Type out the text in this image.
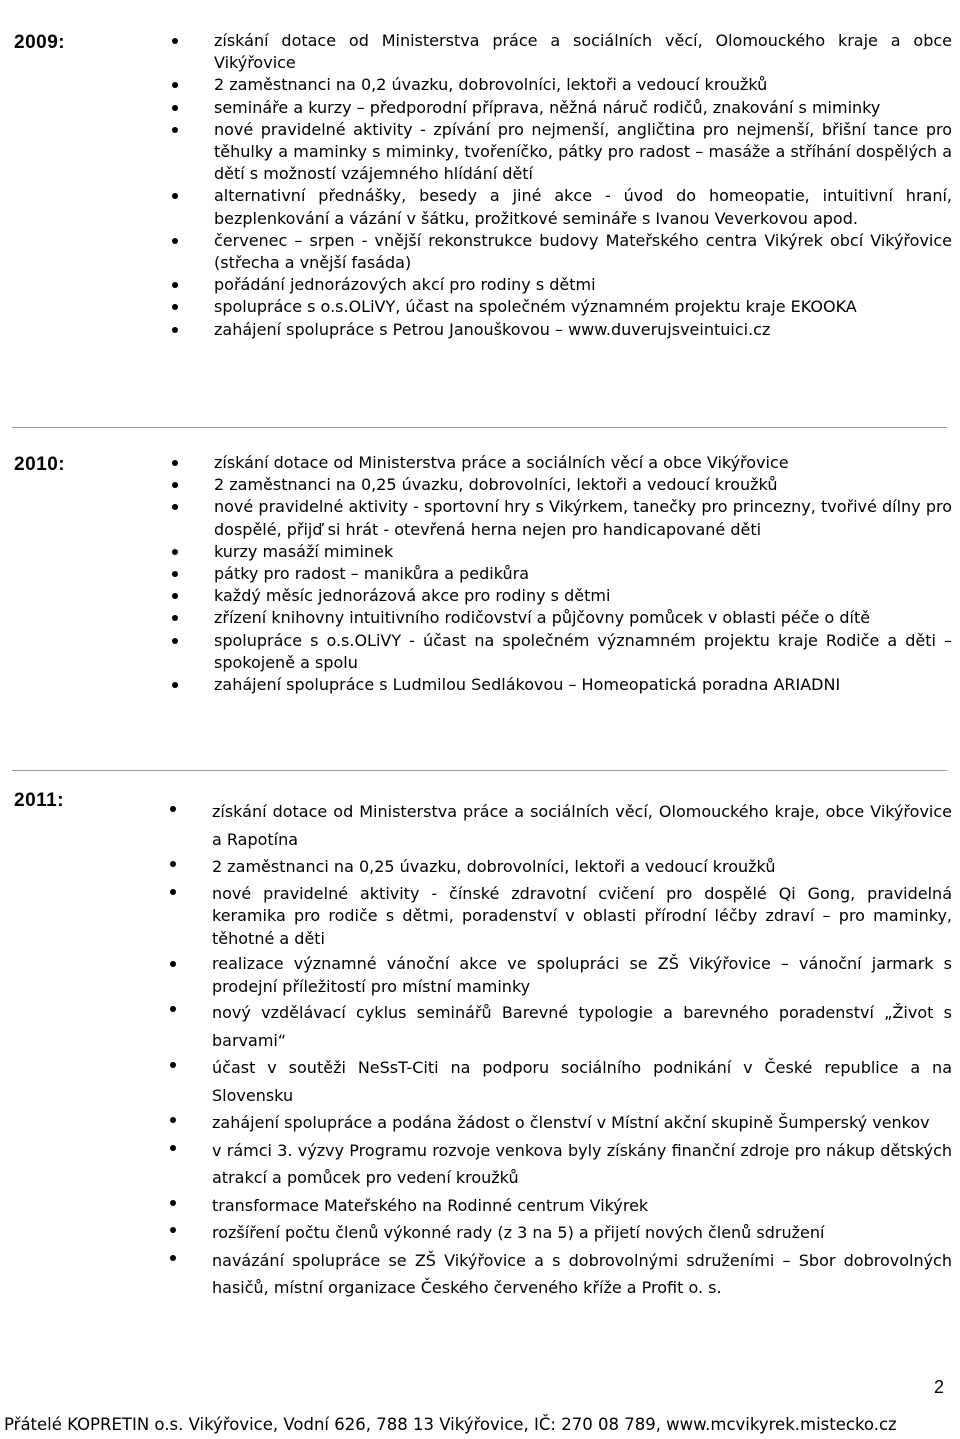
2009:	získání dotace od Ministerstva práce a sociálních věcí, Olomouckého kraje a obce Vikýřovice
2 zaměstnanci na 0,2 úvazku, dobrovolníci, lektoři a vedoucí kroužků
semináře a kurzy – předporodní příprava, něžná náruč rodičů, znakování s miminky
nové pravidelné aktivity - zpívání pro nejmenší, angličtina pro nejmenší, břišní tance pro těhulky a maminky s miminky, tvořeníčko, pátky pro radost – masáže a stříhání dospělých a dětí s možností vzájemného hlídání dětí
alternativní přednášky, besedy a jiné akce - úvod do homeopatie, intuitivní hraní, bezplenkování a vázání v šátku, prožitkové semináře s Ivanou Veverkovou apod.
červenec – srpen - vnější rekonstrukce budovy Mateřského centra Vikýrek obcí Vikýřovice (střecha a vnější fasáda)
pořádání jednorázových akcí pro rodiny s dětmi
spolupráce s o.s.OLiVY, účast na společném významném projektu kraje EKOOKA
zahájení spolupráce s Petrou Janouškovou – www.duverujsveintuici.cz
2010:	získání dotace od Ministerstva práce a sociálních věcí a obce Vikýřovice
2 zaměstnanci na 0,25 úvazku, dobrovolníci, lektoři a vedoucí kroužků
nové pravidelné aktivity - sportovní hry s Vikýrkem, tanečky pro princezny, tvořivé dílny pro dospělé, přijď si hrát - otevřená herna nejen pro handicapované děti
kurzy masáží miminek
pátky pro radost – manikůra a pedikůra
každý měsíc jednorázová akce pro rodiny s dětmi
zřízení knihovny intuitivního rodičovství a půjčovny pomůcek v oblasti péče o dítě
spolupráce s o.s.OLiVY - účast na společném významném projektu kraje Rodiče a děti – spokojeně a spolu
zahájení spolupráce s Ludmilou Sedlákovou – Homeopatická poradna ARIADNI
2011:
získání dotace od Ministerstva práce a sociálních věcí, Olomouckého kraje, obce Vikýřovice a Rapotína
2 zaměstnanci na 0,25 úvazku, dobrovolníci, lektoři a vedoucí kroužků
nové pravidelné aktivity - čínské zdravotní cvičení pro dospělé Qi Gong, pravidelná keramika pro rodiče s dětmi, poradenství v oblasti přírodní léčby zdraví – pro maminky, těhotné a děti
realizace významné vánoční akce ve spolupráci se ZŠ Vikýřovice – vánoční jarmark s prodejní příležitostí pro místní maminky
nový vzdělávací cyklus seminářů Barevné typologie a barevného poradenství „Život s barvami“
účast v soutěži NeSsT-Citi na podporu sociálního podnikání v České republice a na Slovensku
zahájení spolupráce a podána žádost o členství v Místní akční skupině Šumperský venkov
v rámci 3. výzvy Programu rozvoje venkova byly získány finanční zdroje pro nákup dětských atrakcí a pomůcek pro vedení kroužků
transformace Mateřského na Rodinné centrum Vikýrek
rozšíření počtu členů výkonné rady (z 3 na 5) a přijetí nových členů sdružení
navázání spolupráce se ZŠ Vikýřovice a s dobrovolnými sdruženími – Sbor dobrovolných hasičů, místní organizace Českého červeného kříže a Profit o. s.
2
Přátelé KOPRETIN o.s. Vikýřovice, Vodní 626, 788 13 Vikýřovice, IČ: 270 08 789, www.mcvikyrek.mistecko.cz
